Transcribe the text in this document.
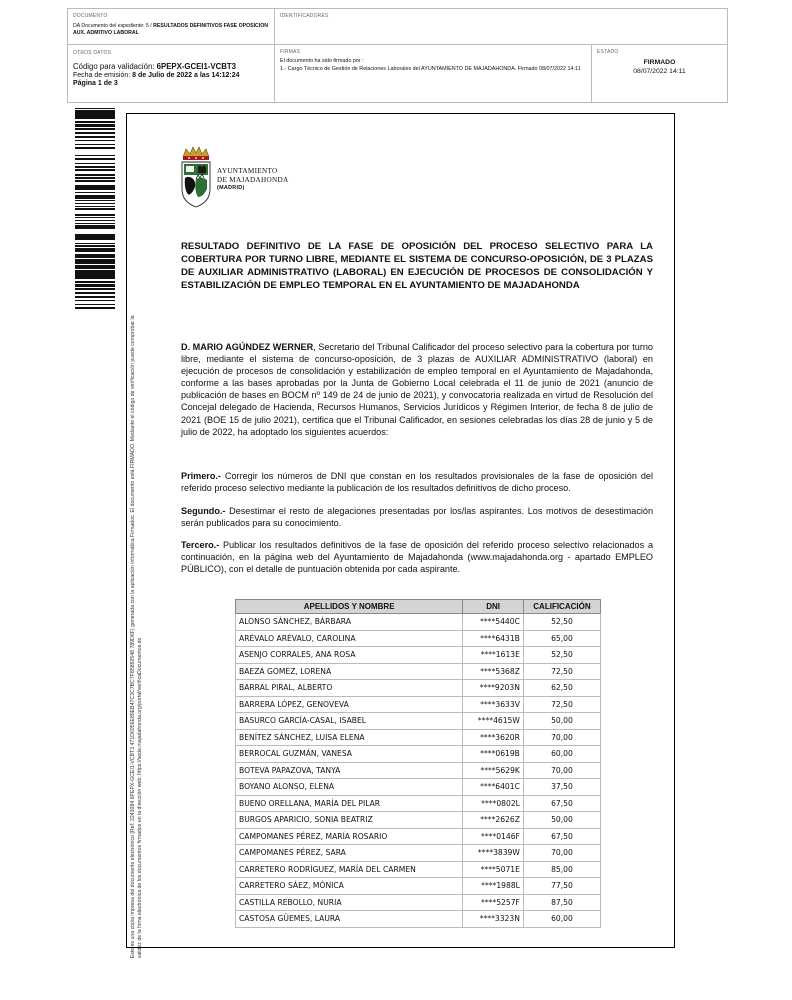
DOCUMENTO
DA Documento del expediente: 5 / RESULTADOS DEFINITIVOS FASE OPOSICION AUX. ADMITIVO LABORAL
IDENTIFICADORES
OTROS DATOS
Código para validación: 6PEPX-GCEI1-VCBT3
Fecha de emisión: 8 de Julio de 2022 a las 14:12:24
Página 1 de 3
FIRMAS
El documento ha sido firmado por :
1.- Cargo Técnico de Gestión de Relaciones Laborales del AYUNTAMIENTO DE MAJADAHONDA. Firmado 08/07/2022 14:11
ESTADO
FIRMADO
08/07/2022 14:11
Este es una copia impresa del documento electrónico (Ref: 2243084 6PEPX-GCEI1-VCBT3 471D6956E89EB47C3C7BC7F85892548 789D6F) generada con la aplicación informática Firmadoc. El documento está FIRMADO. Mediante el código de verificación puede comprobar la validez de la firma electrónica de los documentos firmados en la dirección web: https://sede.majadahonda.org/portal/verificaDocumentos.do
AYUNTAMIENTO
DE MAJADAHONDA
(MADRID)
RESULTADO DEFINITIVO DE LA FASE DE OPOSICIÓN DEL PROCESO SELECTIVO PARA LA COBERTURA POR TURNO LIBRE, MEDIANTE EL SISTEMA DE CONCURSO-OPOSICIÓN, DE 3 PLAZAS DE AUXILIAR ADMINISTRATIVO (LABORAL) EN EJECUCIÓN DE PROCESOS DE CONSOLIDACIÓN Y ESTABILIZACIÓN DE EMPLEO TEMPORAL EN EL AYUNTAMIENTO DE MAJADAHONDA
D. MARIO AGÚNDEZ WERNER, Secretario del Tribunal Calificador del proceso selectivo para la cobertura por turno libre, mediante el sistema de concurso-oposición, de 3 plazas de AUXILIAR ADMINISTRATIVO (laboral) en ejecución de procesos de consolidación y estabilización de empleo temporal en el Ayuntamiento de Majadahonda, conforme a las bases aprobadas por la Junta de Gobierno Local celebrada el 11 de junio de 2021 (anuncio de publicación de bases en BOCM nº 149 de 24 de junio de 2021), y convocatoria realizada en virtud de Resolución del Concejal delegado de Hacienda, Recursos Humanos, Servicios Jurídicos y Régimen Interior, de fecha 8 de julio de 2021 (BOE 15 de julio 2021), certifica que el Tribunal Calificador, en sesiones celebradas los días 28 de junio y 5 de julio de 2022, ha adoptado los siguientes acuerdos:
Primero.- Corregir los números de DNI que constan en los resultados provisionales de la fase de oposición del referido proceso selectivo mediante la publicación de los resultados definitivos de dicho proceso.
Segundo.- Desestimar el resto de alegaciones presentadas por los/las aspirantes. Los motivos de desestimación serán publicados para su conocimiento.
Tercero.- Publicar los resultados definitivos de la fase de oposición del referido proceso selectivo relacionados a continuación, en la página web del Ayuntamiento de Majadahonda (www.majadahonda.org - apartado EMPLEO PÚBLICO), con el detalle de puntuación obtenida por cada aspirante.
APELLIDOS Y NOMBRE	DNI	CALIFICACIÓN
ALONSO SÁNCHEZ, BÁRBARA	****5440C	52,50
ARÉVALO ARÉVALO, CAROLINA	****6431B	65,00
ASENJO CORRALES, ANA ROSA	****1613E	52,50
BAEZA GOMEZ, LORENA	****5368Z	72,50
BARRAL PIRAL, ALBERTO	****9203N	62,50
BARRERA LÓPEZ, GENOVEVA	****3633V	72,50
BASURCO GARCÍA-CASAL, ISABEL	****4615W	50,00
BENÍTEZ SÁNCHEZ, LUISA ELENA	****3620R	70,00
BERROCAL GUZMÁN, VANESA	****0619B	60,00
BOTEVA PAPAZOVA, TANYA	****5629K	70,00
BOYANO ALONSO, ELENA	****6401C	37,50
BUENO ORELLANA, MARÍA DEL PILAR	****0802L	67,50
BURGOS APARICIO, SONIA BEATRIZ	****2626Z	50,00
CAMPOMANES PÉREZ, MARÍA ROSARIO	****0146F	67,50
CAMPOMANES PÉREZ, SARA	****3839W	70,00
CARRETERO RODRÍGUEZ, MARÍA DEL CARMEN	****5071E	85,00
CARRETERO SÁEZ, MÓNICA	****1988L	77,50
CASTILLA REBOLLO, NURIA	****5257F	87,50
CASTOSA GÜEMES, LAURA	****3323N	60,00
